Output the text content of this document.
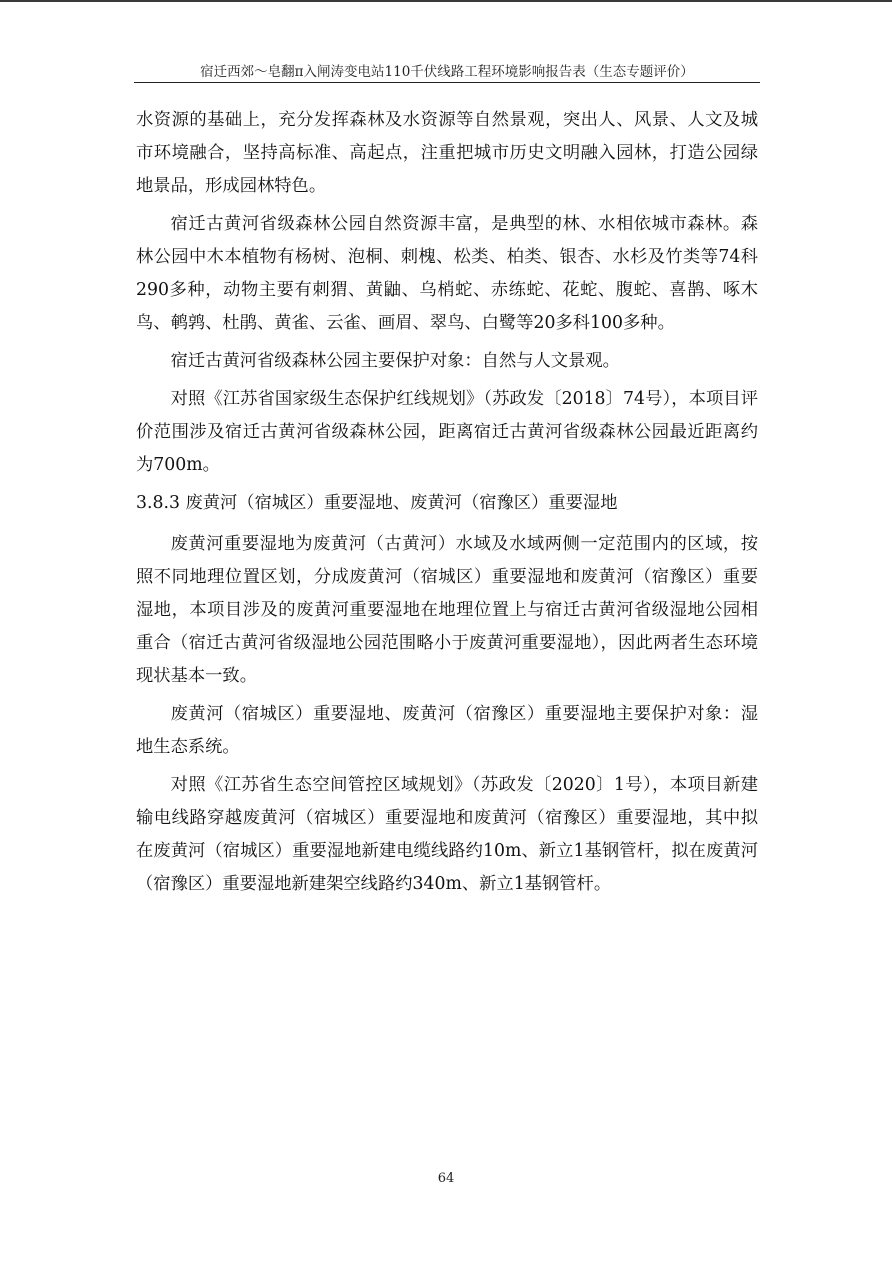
宿迁西郊～皂翻π入闸涛变电站110千伏线路工程环境影响报告表（生态专题评价）

水资源的基础上，充分发挥森林及水资源等自然景观，突出人、风景、人文及城市环境融合，坚持高标准、高起点，注重把城市历史文明融入园林，打造公园绿地景品，形成园林特色。

宿迁古黄河省级森林公园自然资源丰富，是典型的林、水相依城市森林。森林公园中木本植物有杨树、泡桐、刺槐、松类、柏类、银杏、水杉及竹类等74科290多种，动物主要有刺猬、黄鼬、乌梢蛇、赤练蛇、花蛇、腹蛇、喜鹊、啄木鸟、鹌鹑、杜鹃、黄雀、云雀、画眉、翠鸟、白鹭等20多科100多种。

宿迁古黄河省级森林公园主要保护对象：自然与人文景观。

对照《江苏省国家级生态保护红线规划》（苏政发〔2018〕74号），本项目评价范围涉及宿迁古黄河省级森林公园，距离宿迁古黄河省级森林公园最近距离约为700m。

3.8.3 废黄河（宿城区）重要湿地、废黄河（宿豫区）重要湿地

废黄河重要湿地为废黄河（古黄河）水域及水域两侧一定范围内的区域，按照不同地理位置区划，分成废黄河（宿城区）重要湿地和废黄河（宿豫区）重要湿地，本项目涉及的废黄河重要湿地在地理位置上与宿迁古黄河省级湿地公园相重合（宿迁古黄河省级湿地公园范围略小于废黄河重要湿地），因此两者生态环境现状基本一致。

废黄河（宿城区）重要湿地、废黄河（宿豫区）重要湿地主要保护对象：湿地生态系统。

对照《江苏省生态空间管控区域规划》（苏政发〔2020〕1号），本项目新建输电线路穿越废黄河（宿城区）重要湿地和废黄河（宿豫区）重要湿地，其中拟在废黄河（宿城区）重要湿地新建电缆线路约10m、新立1基钢管杆，拟在废黄河（宿豫区）重要湿地新建架空线路约340m、新立1基钢管杆。

64
